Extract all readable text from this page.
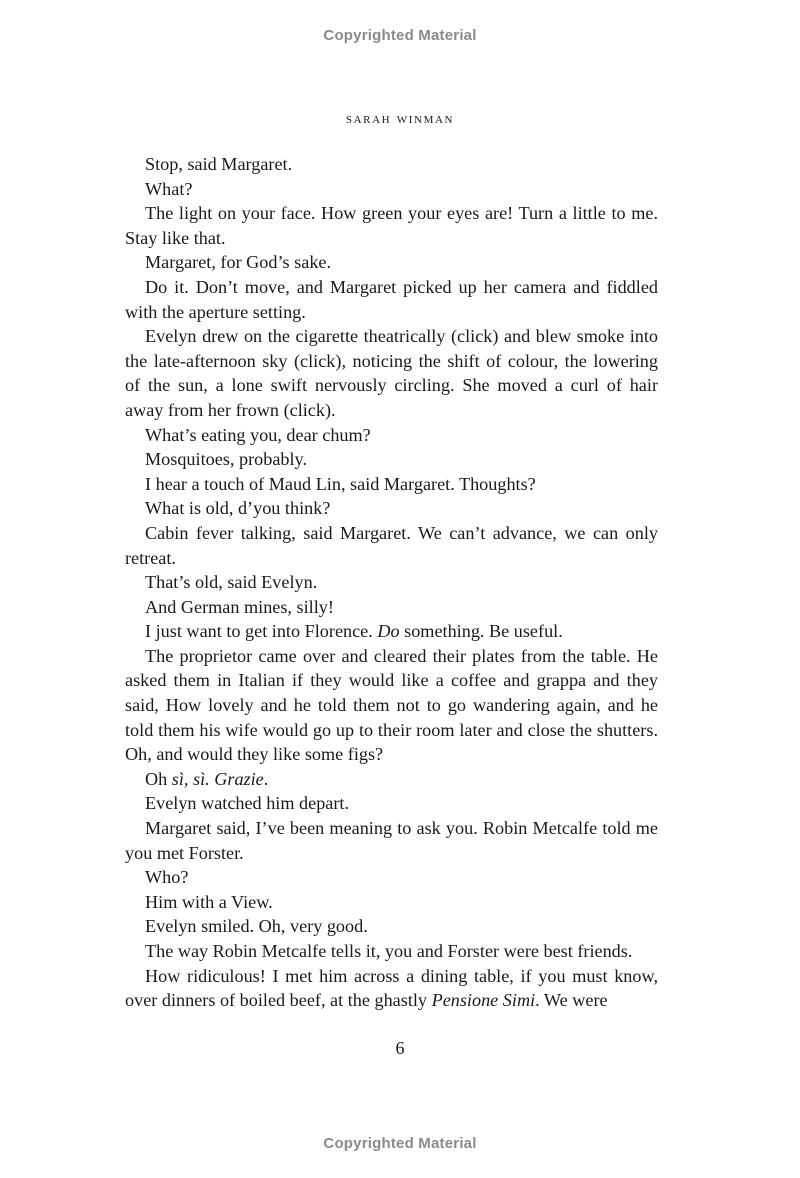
Copyrighted Material
sarah winman

Stop, said Margaret.

What?

The light on your face. How green your eyes are! Turn a little to me. Stay like that.

Margaret, for God’s sake.

Do it. Don’t move, and Margaret picked up her camera and fiddled with the aperture setting.

Evelyn drew on the cigarette theatrically (click) and blew smoke into the late-afternoon sky (click), noticing the shift of colour, the lowering of the sun, a lone swift nervously circling. She moved a curl of hair away from her frown (click).

What’s eating you, dear chum?

Mosquitoes, probably.

I hear a touch of Maud Lin, said Margaret. Thoughts?

What is old, d’you think?

Cabin fever talking, said Margaret. We can’t advance, we can only retreat.

That’s old, said Evelyn.

And German mines, silly!

I just want to get into Florence. Do something. Be useful.

The proprietor came over and cleared their plates from the table. He asked them in Italian if they would like a coffee and grappa and they said, How lovely and he told them not to go wandering again, and he told them his wife would go up to their room later and close the shutters. Oh, and would they like some figs?

Oh sì, sì. Grazie.

Evelyn watched him depart.

Margaret said, I’ve been meaning to ask you. Robin Metcalfe told me you met Forster.

Who?

Him with a View.

Evelyn smiled. Oh, very good.

The way Robin Metcalfe tells it, you and Forster were best friends.

How ridiculous! I met him across a dining table, if you must know, over dinners of boiled beef, at the ghastly Pensione Simi. We were

6
Copyrighted Material
